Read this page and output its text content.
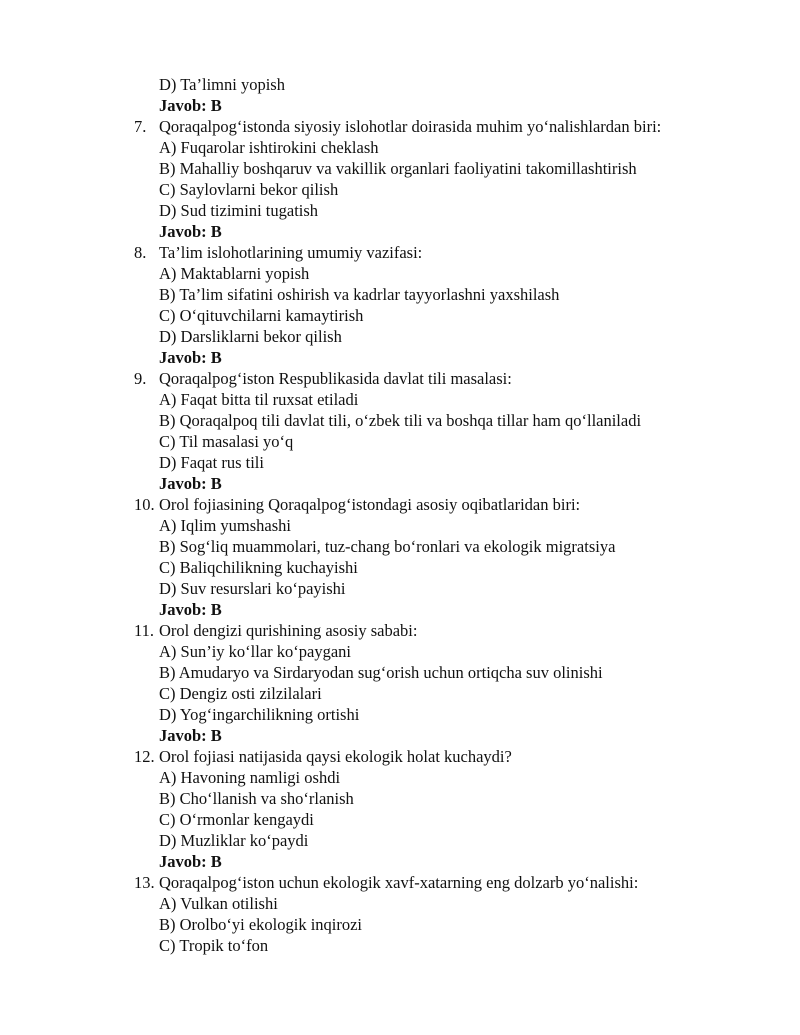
D) Ta’limni yopish
Javob: B
7. Qoraqalpog‘istonda siyosiy islohotlar doirasida muhim yo‘nalishlardan biri:
A) Fuqarolar ishtirokini cheklash
B) Mahalliy boshqaruv va vakillik organlari faoliyatini takomillashtirish
C) Saylovlarni bekor qilish
D) Sud tizimini tugatish
Javob: B
8. Ta’lim islohotlarining umumiy vazifasi:
A) Maktablarni yopish
B) Ta’lim sifatini oshirish va kadrlar tayyorlashni yaxshilash
C) O‘qituvchilarni kamaytirish
D) Darsliklarni bekor qilish
Javob: B
9. Qoraqalpog‘iston Respublikasida davlat tili masalasi:
A) Faqat bitta til ruxsat etiladi
B) Qoraqalpoq tili davlat tili, o‘zbek tili va boshqa tillar ham qo‘llaniladi
C) Til masalasi yo‘q
D) Faqat rus tili
Javob: B
10. Orol fojiasining Qoraqalpog‘istondagi asosiy oqibatlaridan biri:
A) Iqlim yumshashi
B) Sog‘liq muammolari, tuz-chang bo‘ronlari va ekologik migratsiya
C) Baliqchilikning kuchayishi
D) Suv resurslari ko‘payishi
Javob: B
11. Orol dengizi qurishining asosiy sababi:
A) Sun’iy ko‘llar ko‘paygani
B) Amudaryo va Sirdaryodan sug‘orish uchun ortiqcha suv olinishi
C) Dengiz osti zilzilalari
D) Yog‘ingarchilikning ortishi
Javob: B
12. Orol fojiasi natijasida qaysi ekologik holat kuchaydi?
A) Havoning namligi oshdi
B) Cho‘llanish va sho‘rlanish
C) O‘rmonlar kengaydi
D) Muzliklar ko‘paydi
Javob: B
13. Qoraqalpog‘iston uchun ekologik xavf-xatarning eng dolzarb yo‘nalishi:
A) Vulkan otilishi
B) Orolbo‘yi ekologik inqirozi
C) Tropik to‘fon
